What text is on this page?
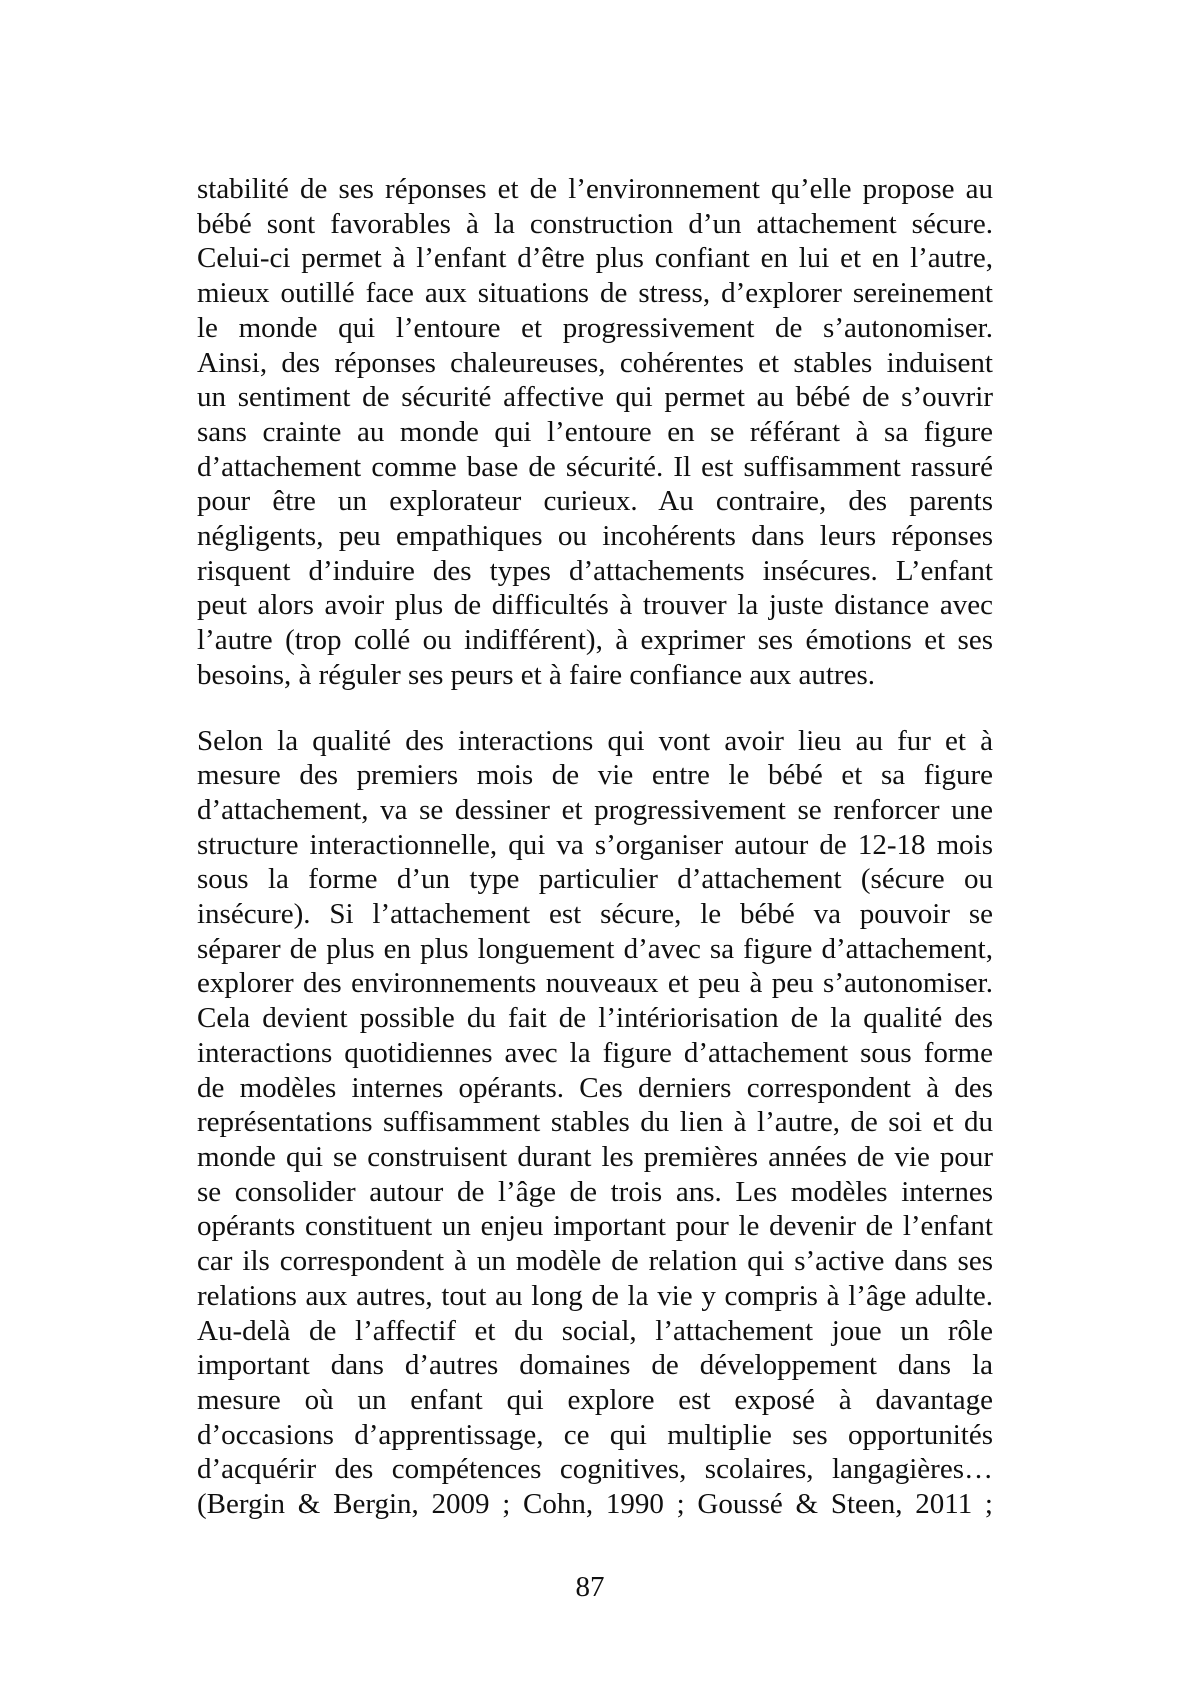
stabilité de ses réponses et de l’environnement qu’elle propose au
bébé sont favorables à la construction d’un attachement sécure.
Celui-ci permet à l’enfant d’être plus confiant en lui et en l’autre,
mieux outillé face aux situations de stress, d’explorer sereinement
le monde qui l’entoure et progressivement de s’autonomiser.
Ainsi, des réponses chaleureuses, cohérentes et stables induisent
un sentiment de sécurité affective qui permet au bébé de s’ouvrir
sans crainte au monde qui l’entoure en se référant à sa figure
d’attachement comme base de sécurité. Il est suffisamment rassuré
pour être un explorateur curieux. Au contraire, des parents
négligents, peu empathiques ou incohérents dans leurs réponses
risquent d’induire des types d’attachements insécures. L’enfant
peut alors avoir plus de difficultés à trouver la juste distance avec
l’autre (trop collé ou indifférent), à exprimer ses émotions et ses
besoins, à réguler ses peurs et à faire confiance aux autres.
Selon la qualité des interactions qui vont avoir lieu au fur et à
mesure des premiers mois de vie entre le bébé et sa figure
d’attachement, va se dessiner et progressivement se renforcer une
structure interactionnelle, qui va s’organiser autour de 12-18 mois
sous la forme d’un type particulier d’attachement (sécure ou
insécure). Si l’attachement est sécure, le bébé va pouvoir se
séparer de plus en plus longuement d’avec sa figure d’attachement,
explorer des environnements nouveaux et peu à peu s’autonomiser.
Cela devient possible du fait de l’intériorisation de la qualité des
interactions quotidiennes avec la figure d’attachement sous forme
de modèles internes opérants. Ces derniers correspondent à des
représentations suffisamment stables du lien à l’autre, de soi et du
monde qui se construisent durant les premières années de vie pour
se consolider autour de l’âge de trois ans. Les modèles internes
opérants constituent un enjeu important pour le devenir de l’enfant
car ils correspondent à un modèle de relation qui s’active dans ses
relations aux autres, tout au long de la vie y compris à l’âge adulte.
Au-delà de l’affectif et du social, l’attachement joue un rôle
important dans d’autres domaines de développement dans la
mesure où un enfant qui explore est exposé à davantage
d’occasions d’apprentissage, ce qui multiplie ses opportunités
d’acquérir des compétences cognitives, scolaires, langagières…
(Bergin & Bergin, 2009 ; Cohn, 1990 ; Goussé & Steen, 2011 ;
87
